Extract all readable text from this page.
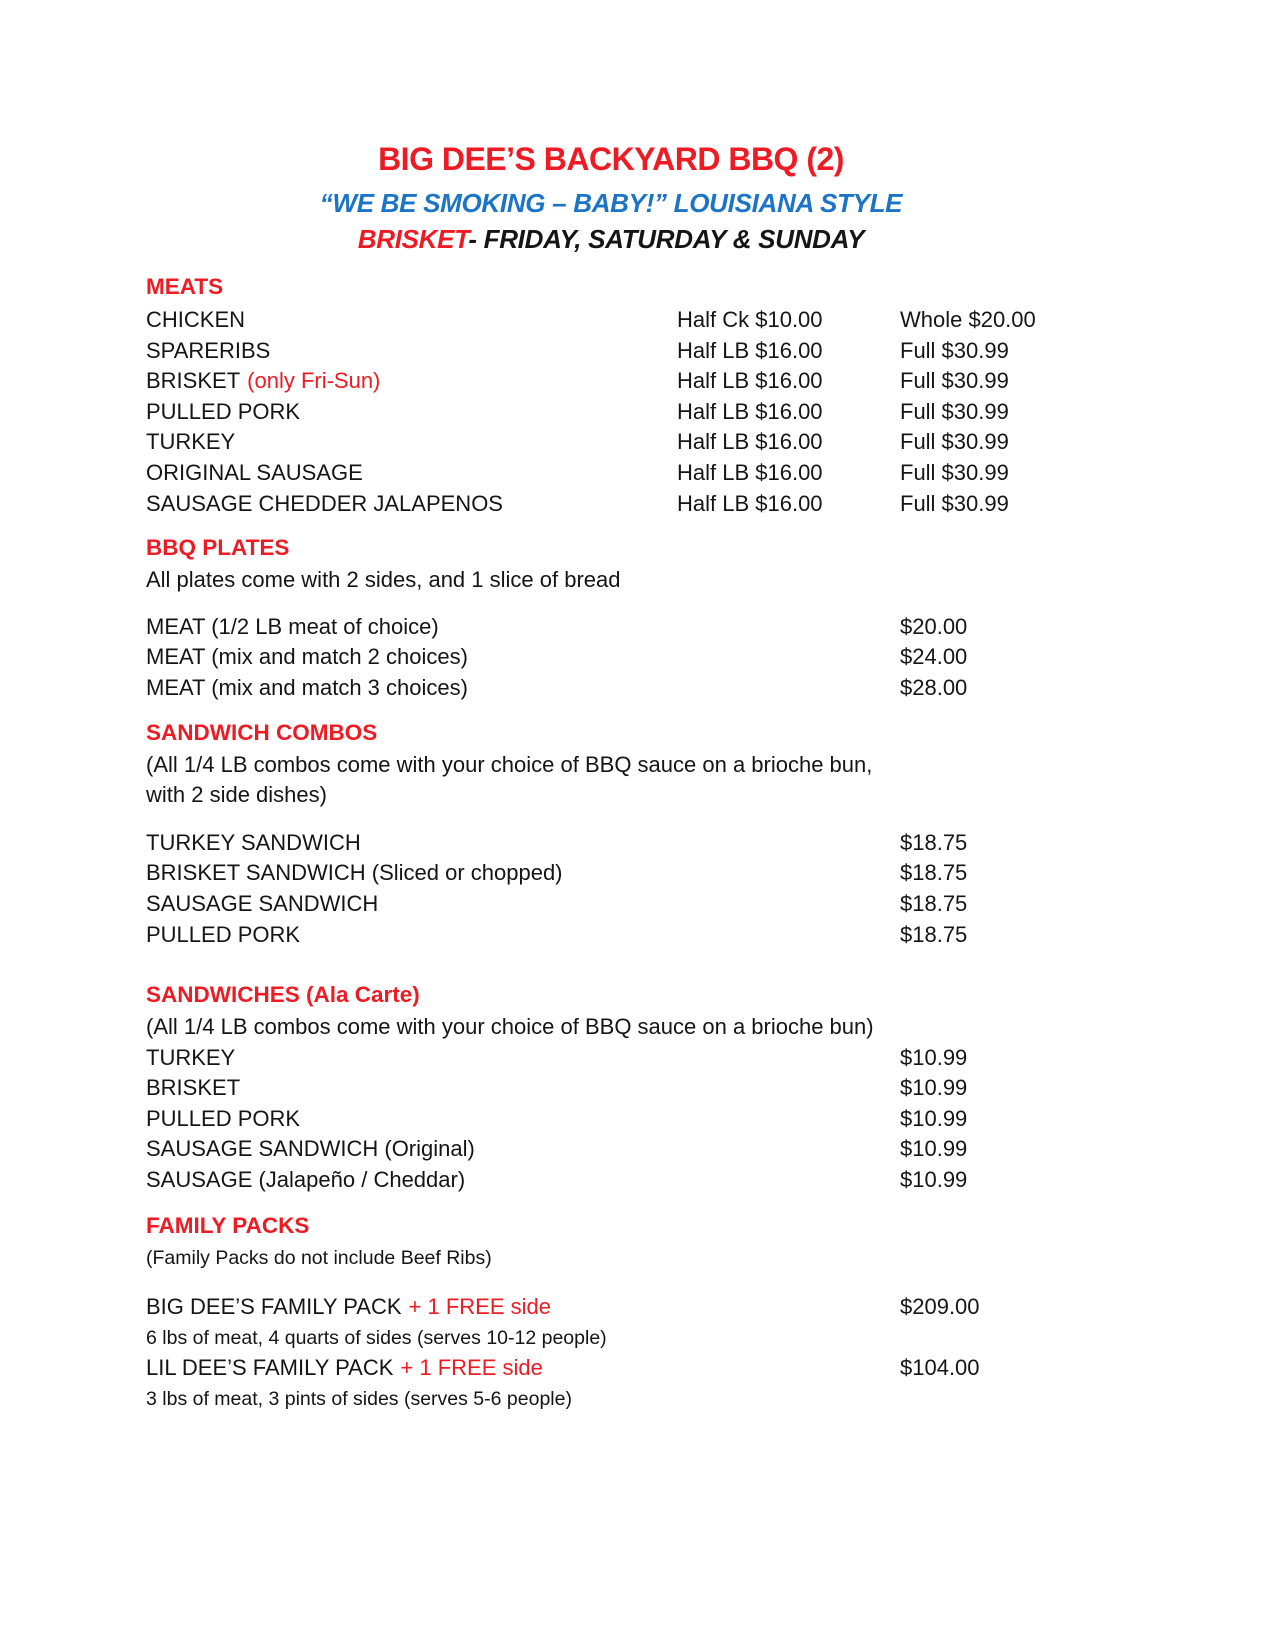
BIG DEE’S BACKYARD BBQ (2)
“WE BE SMOKING – BABY!” LOUISIANA STYLE
BRISKET- FRIDAY, SATURDAY & SUNDAY
MEATS
CHICKEN	Half Ck $10.00	Whole $20.00
SPARERIBS	Half LB $16.00	Full $30.99
BRISKET (only Fri-Sun)	Half LB $16.00	Full $30.99
PULLED PORK	Half LB $16.00	Full $30.99
TURKEY	Half LB $16.00	Full $30.99
ORIGINAL SAUSAGE	Half LB $16.00	Full $30.99
SAUSAGE CHEDDER JALAPENOS	Half LB $16.00	Full $30.99
BBQ PLATES
All plates come with 2 sides, and 1 slice of bread
MEAT (1/2 LB meat of choice)	$20.00
MEAT (mix and match 2 choices)	$24.00
MEAT (mix and match 3 choices)	$28.00
SANDWICH COMBOS
(All 1/4 LB combos come with your choice of BBQ sauce on a brioche bun,
with 2 side dishes)
TURKEY SANDWICH	$18.75
BRISKET SANDWICH (Sliced or chopped)	$18.75
SAUSAGE SANDWICH	$18.75
PULLED PORK	$18.75
SANDWICHES (Ala Carte)
(All 1/4 LB combos come with your choice of BBQ sauce on a brioche bun)
TURKEY	$10.99
BRISKET	$10.99
PULLED PORK	$10.99
SAUSAGE SANDWICH (Original)	$10.99
SAUSAGE (Jalapeño / Cheddar)	$10.99
FAMILY PACKS
(Family Packs do not include Beef Ribs)
BIG DEE’S FAMILY PACK + 1 FREE side	$209.00
6 lbs of meat, 4 quarts of sides (serves 10-12 people)
LIL DEE’S FAMILY PACK + 1 FREE side	$104.00
3 lbs of meat, 3 pints of sides (serves 5-6 people)
